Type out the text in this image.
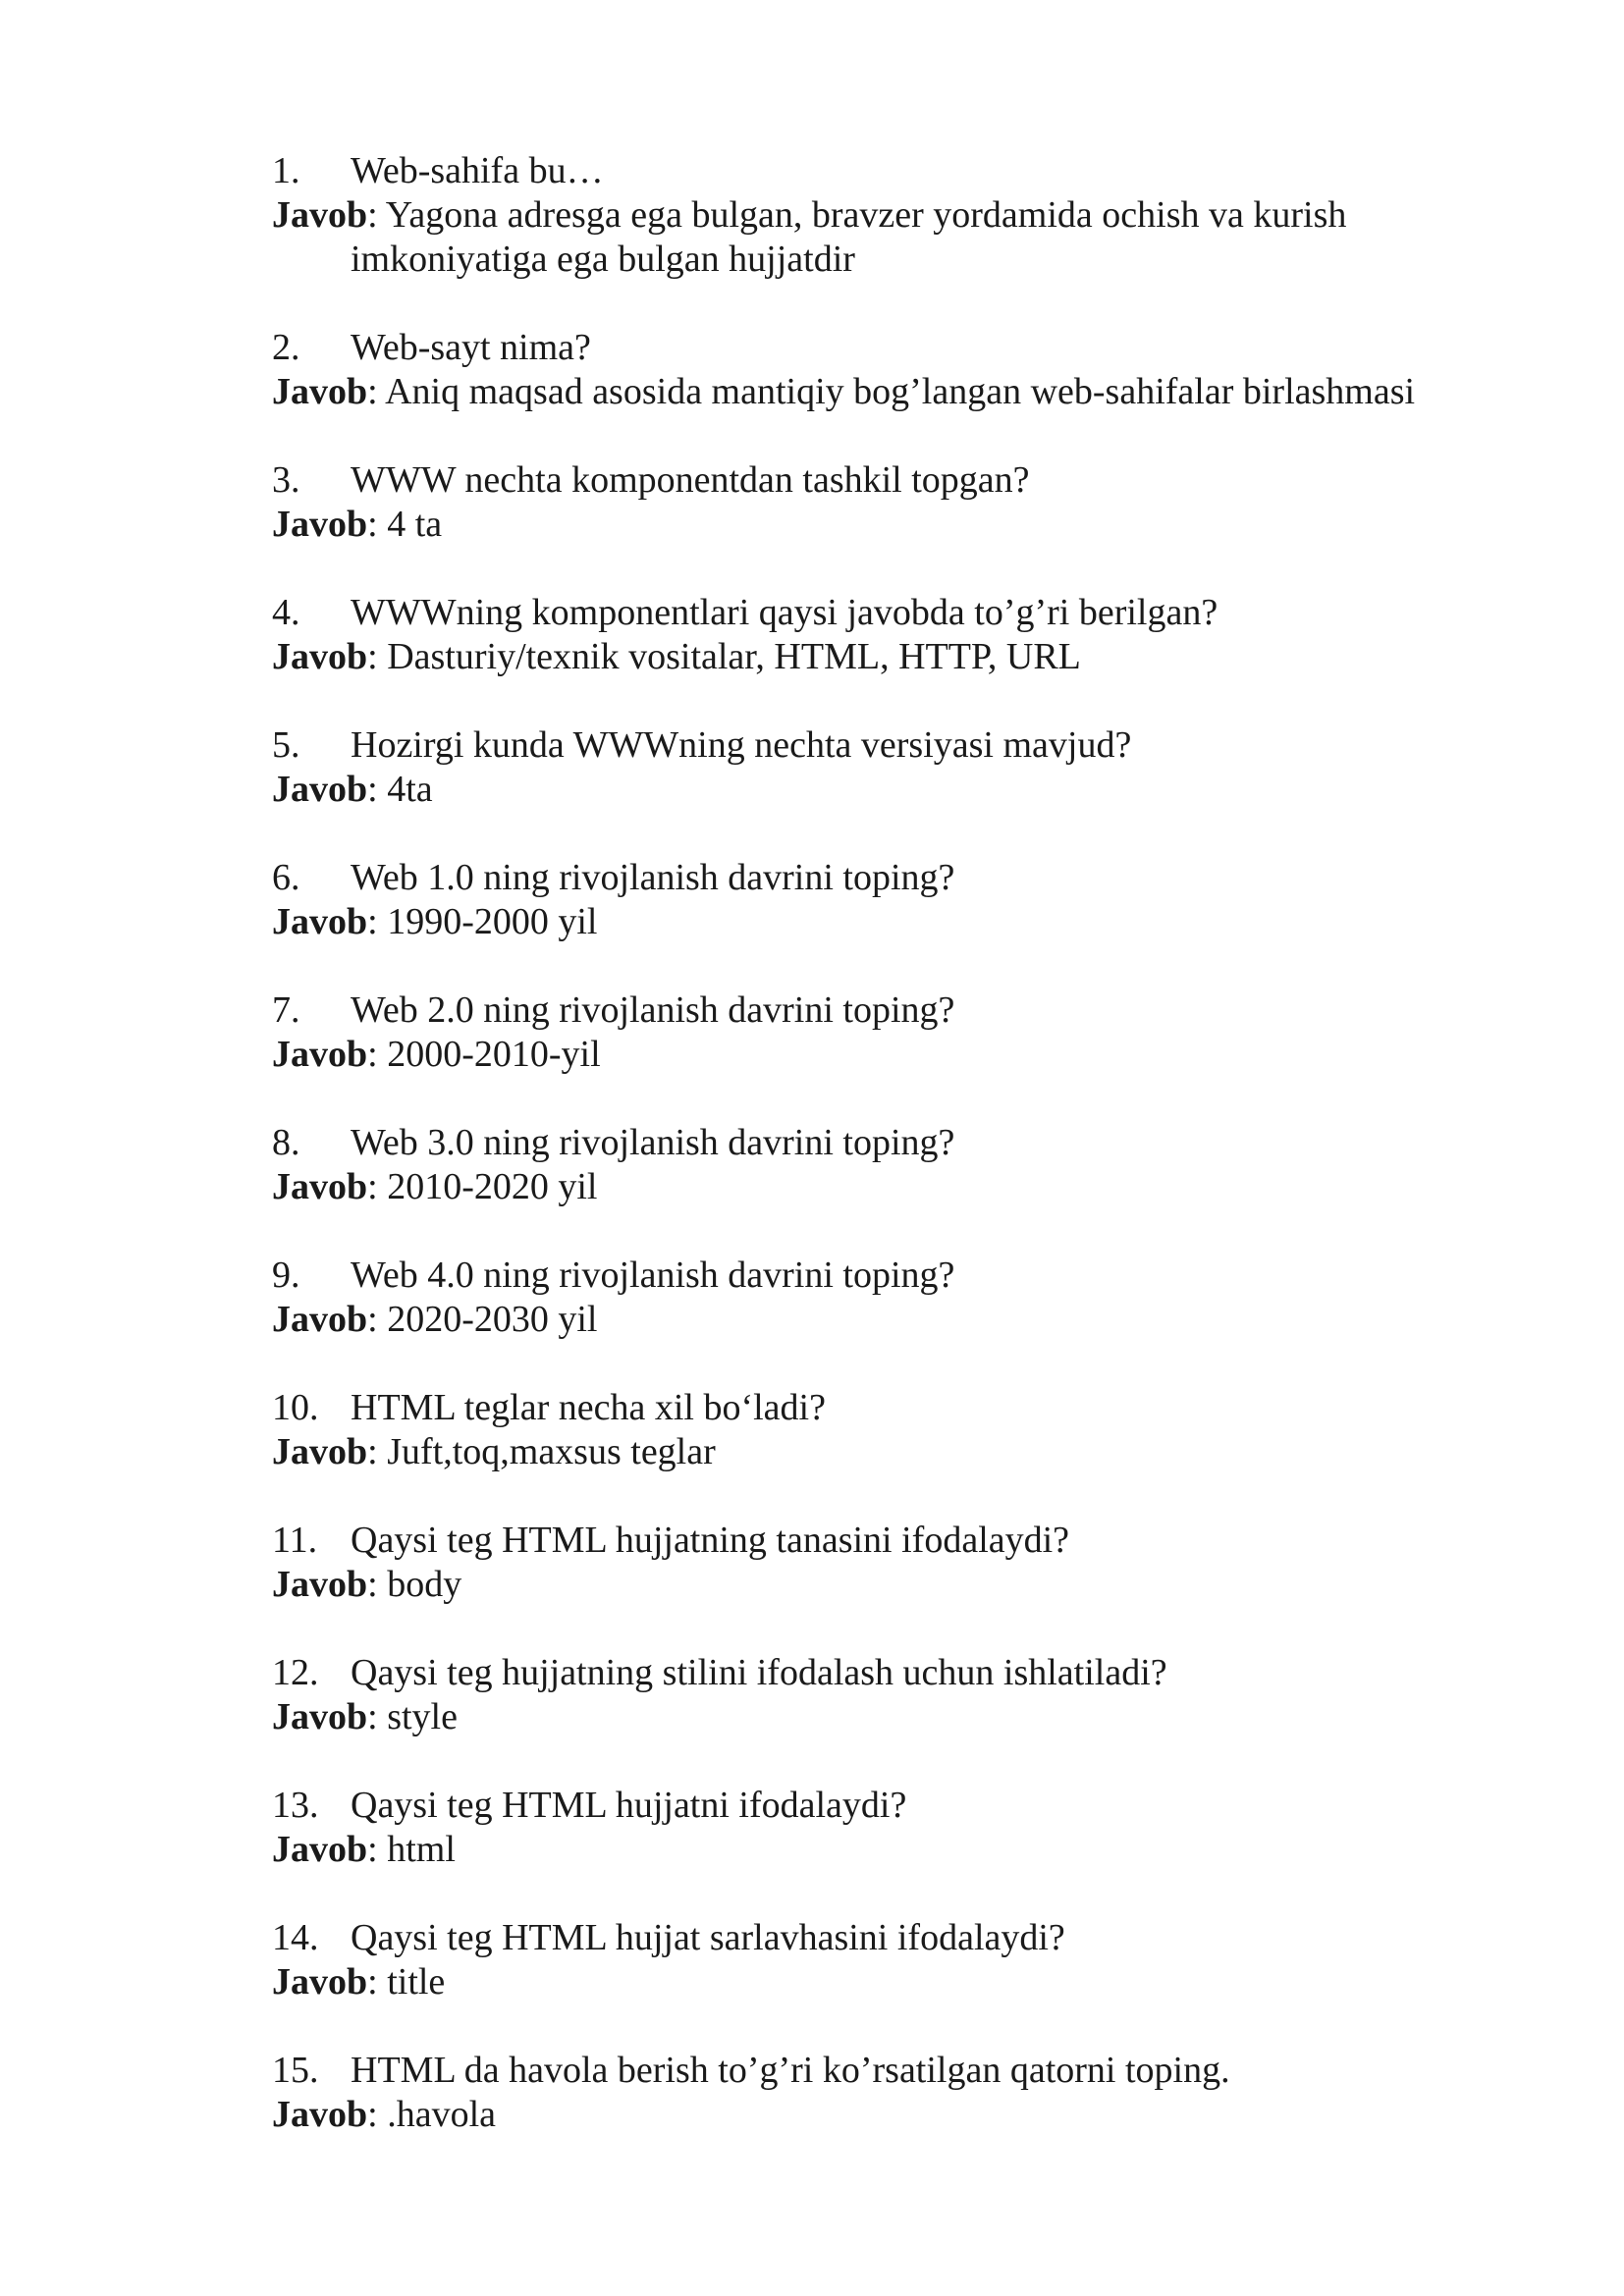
1. Web-sahifa bu…
Javob: Yagona adresga ega bulgan, bravzer yordamida ochish va kurish imkoniyatiga ega bulgan hujjatdir
2. Web-sayt nima?
Javob: Aniq maqsad asosida mantiqiy bog’langan web-sahifalar birlashmasi
3. WWW nechta komponentdan tashkil topgan?
Javob: 4 ta
4. WWWning komponentlari qaysi javobda to’g’ri berilgan?
Javob: Dasturiy/texnik vositalar, HTML, HTTP, URL
5. Hozirgi kunda WWWning nechta versiyasi mavjud?
Javob: 4ta
6. Web 1.0 ning rivojlanish davrini toping?
Javob: 1990-2000 yil
7. Web 2.0 ning rivojlanish davrini toping?
Javob: 2000-2010-yil
8. Web 3.0 ning rivojlanish davrini toping?
Javob: 2010-2020 yil
9. Web 4.0 ning rivojlanish davrini toping?
Javob: 2020-2030 yil
10. HTML teglar necha xil bo‘ladi?
Javob: Juft,toq,maxsus teglar
11. Qaysi teg HTML hujjatning tanasini ifodalaydi?
Javob: body
12. Qaysi teg hujjatning stilini ifodalash uchun ishlatiladi?
Javob: style
13. Qaysi teg HTML hujjatni ifodalaydi?
Javob: html
14. Qaysi teg HTML hujjat sarlavhasini ifodalaydi?
Javob: title
15. HTML da havola berish to’g’ri ko’rsatilgan qatorni toping.
Javob: .havola
